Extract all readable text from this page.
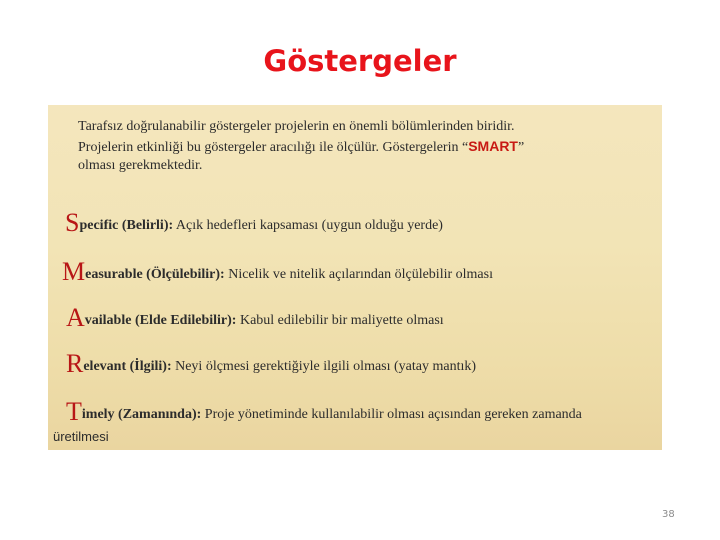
Göstergeler
Tarafsız doğrulanabilir göstergeler projelerin en önemli bölümlerinden biridir.
Projelerin etkinliği bu göstergeler aracılığı ile ölçülür. Göstergelerin “SMART”
olması gerekmektedir.
Specific (Belirli): Açık hedefleri kapsaması (uygun olduğu yerde)
Measurable (Ölçülebilir): Nicelik ve nitelik açılarından ölçülebilir olması
Available (Elde Edilebilir): Kabul edilebilir bir maliyette olması
Relevant (İlgili): Neyi ölçmesi gerektiğiyle ilgili olması (yatay mantık)
Timely (Zamanında): Proje yönetiminde kullanılabilir olması açısından gereken zamanda
üretilmesi
38
